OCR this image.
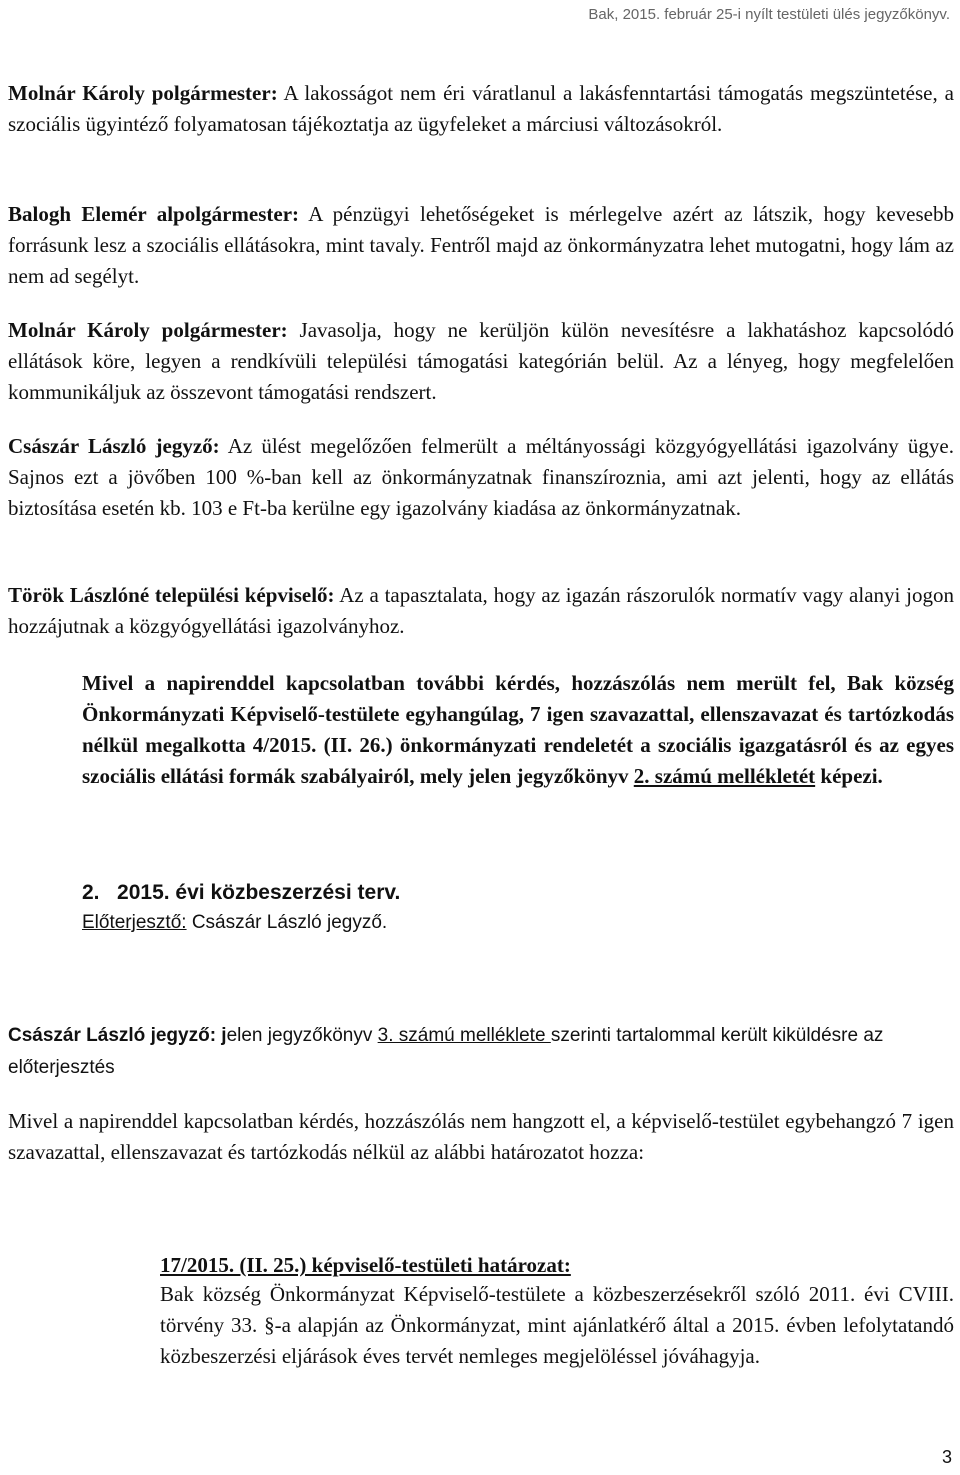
Bak, 2015. február 25-i nyílt testületi ülés jegyzőkönyv.

Molnár Károly polgármester: A lakosságot nem éri váratlanul a lakásfenntartási támogatás megszüntetése, a szociális ügyintéző folyamatosan tájékoztatja az ügyfeleket a márciusi változásokról.

Balogh Elemér alpolgármester: A pénzügyi lehetőségeket is mérlegelve azért az látszik, hogy kevesebb forrásunk lesz a szociális ellátásokra, mint tavaly. Fentről majd az önkormányzatra lehet mutogatni, hogy lám az nem ad segélyt.

Molnár Károly polgármester: Javasolja, hogy ne kerüljön külön nevesítésre a lakhatáshoz kapcsolódó ellátások köre, legyen a rendkívüli települési támogatási kategórián belül. Az a lényeg, hogy megfelelően kommunikáljuk az összevont támogatási rendszert.

Császár László jegyző: Az ülést megelőzően felmerült a méltányossági közgyógyellátási igazolvány ügye. Sajnos ezt a jövőben 100 %-ban kell az önkormányzatnak finanszíroznia, ami azt jelenti, hogy az ellátás biztosítása esetén kb. 103 e Ft-ba kerülne egy igazolvány kiadása az önkormányzatnak.

Török Lászlóné települési képviselő: Az a tapasztalata, hogy az igazán rászorulók normatív vagy alanyi jogon hozzájutnak a közgyógyellátási igazolványhoz.

Mivel a napirenddel kapcsolatban további kérdés, hozzászólás nem merült fel, Bak község Önkormányzati Képviselő-testülete egyhangúlag, 7 igen szavazattal, ellenszavazat és tartózkodás nélkül megalkotta 4/2015. (II. 26.) önkormányzati rendeletét a szociális igazgatásról és az egyes szociális ellátási formák szabályairól, mely jelen jegyzőkönyv 2. számú mellékletét képezi.

2. 2015. évi közbeszerzési terv.
Előterjesztő: Császár László jegyző.

Császár László jegyző: jelen jegyzőkönyv 3. számú melléklete szerinti tartalommal került kiküldésre az előterjesztés

Mivel a napirenddel kapcsolatban kérdés, hozzászólás nem hangzott el, a képviselő-testület egybehangzó 7 igen szavazattal, ellenszavazat és tartózkodás nélkül az alábbi határozatot hozza:

17/2015. (II. 25.) képviselő-testületi határozat:

Bak község Önkormányzat Képviselő-testülete a közbeszerzésekről szóló 2011. évi CVIII. törvény 33. §-a alapján az Önkormányzat, mint ajánlatkérő által a 2015. évben lefolytatandó közbeszerzési eljárások éves tervét nemleges megjelöléssel jóváhagyja.

3
